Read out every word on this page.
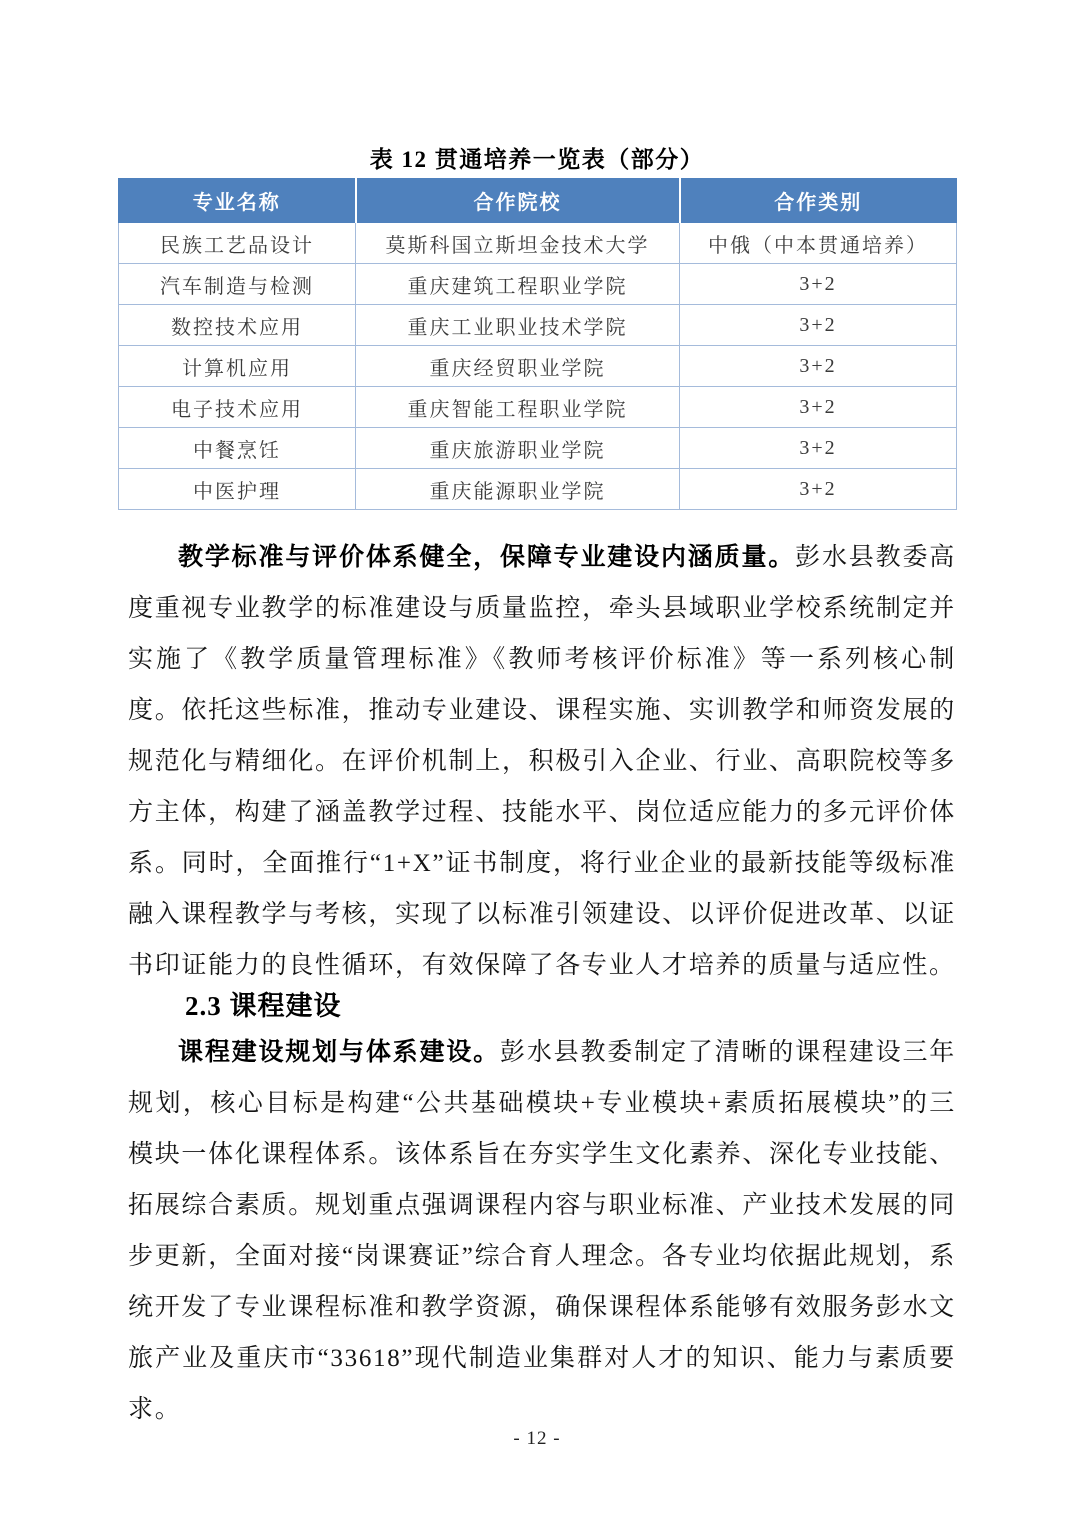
表 12 贯通培养一览表（部分）
专业名称	合作院校	合作类别
民族工艺品设计	莫斯科国立斯坦金技术大学	中俄（中本贯通培养）
汽车制造与检测	重庆建筑工程职业学院	3+2
数控技术应用	重庆工业职业技术学院	3+2
计算机应用	重庆经贸职业学院	3+2
电子技术应用	重庆智能工程职业学院	3+2
中餐烹饪	重庆旅游职业学院	3+2
中医护理	重庆能源职业学院	3+2

教学标准与评价体系健全，保障专业建设内涵质量。彭水县教委高度重视专业教学的标准建设与质量监控，牵头县域职业学校系统制定并实施了《教学质量管理标准》《教师考核评价标准》等一系列核心制度。依托这些标准，推动专业建设、课程实施、实训教学和师资发展的规范化与精细化。在评价机制上，积极引入企业、行业、高职院校等多方主体，构建了涵盖教学过程、技能水平、岗位适应能力的多元评价体系。同时，全面推行“1+X”证书制度，将行业企业的最新技能等级标准融入课程教学与考核，实现了以标准引领建设、以评价促进改革、以证书印证能力的良性循环，有效保障了各专业人才培养的质量与适应性。

2.3 课程建设

课程建设规划与体系建设。彭水县教委制定了清晰的课程建设三年规划，核心目标是构建“公共基础模块+专业模块+素质拓展模块”的三模块一体化课程体系。该体系旨在夯实学生文化素养、深化专业技能、拓展综合素质。规划重点强调课程内容与职业标准、产业技术发展的同步更新，全面对接“岗课赛证”综合育人理念。各专业均依据此规划，系统开发了专业课程标准和教学资源，确保课程体系能够有效服务彭水文旅产业及重庆市“33618”现代制造业集群对人才的知识、能力与素质要求。

- 12 -
